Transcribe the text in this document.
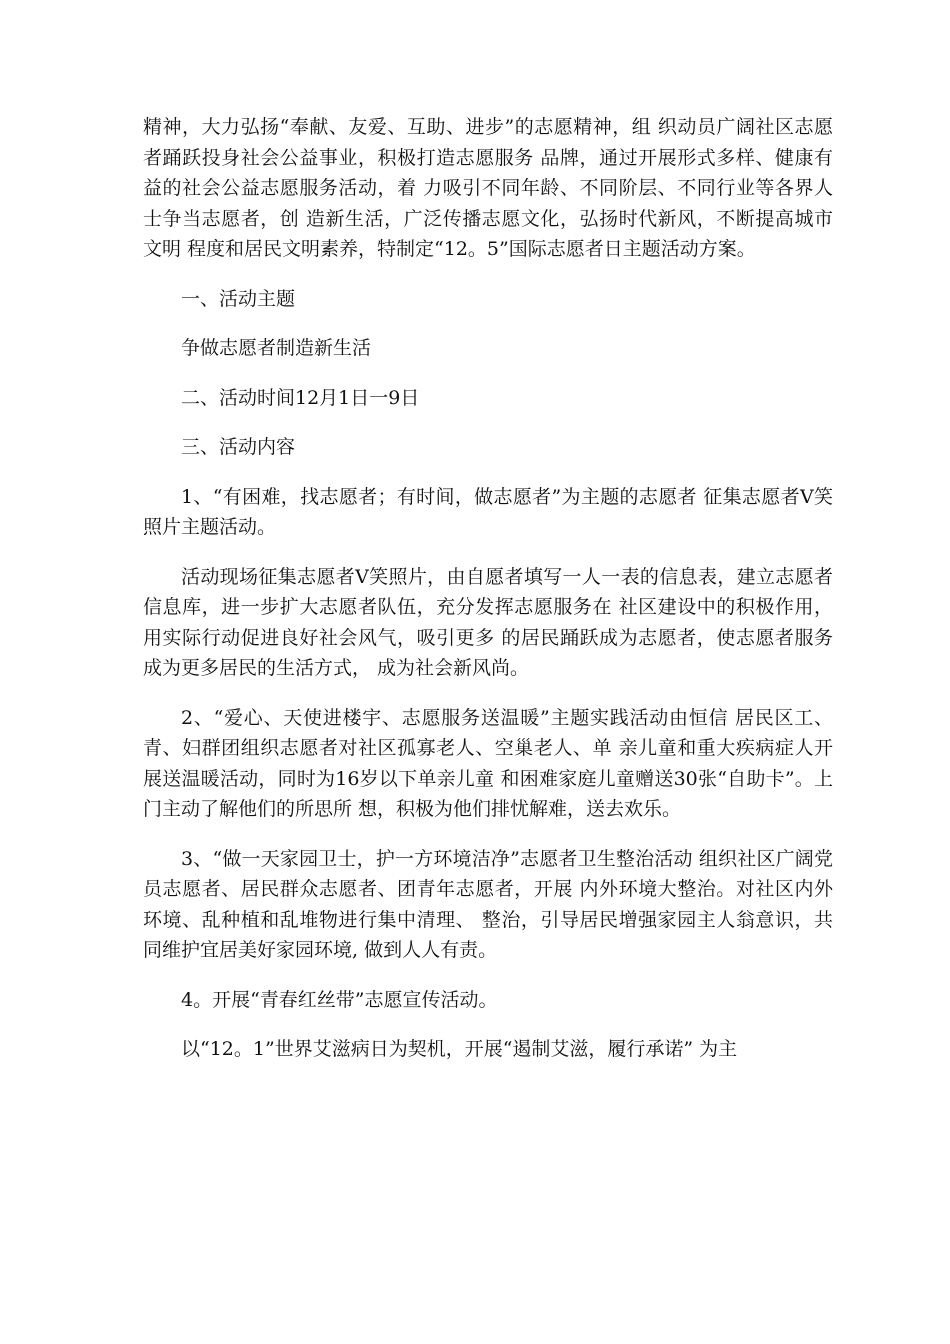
精神，大力弘扬“奉献、友爱、互助、进步”的志愿精神，组 织动员广阔社区志愿者踊跃投身社会公益事业，积极打造志愿服务 品牌，通过开展形式多样、健康有益的社会公益志愿服务活动，着 力吸引不同年龄、不同阶层、不同行业等各界人士争当志愿者，创 造新生活，广泛传播志愿文化，弘扬时代新风，不断提高城市文明 程度和居民文明素养，特制定“12。5”国际志愿者日主题活动方案。

一、活动主题

争做志愿者制造新生活

二、活动时间12月1日一9日

三、活动内容

1、“有困难，找志愿者；有时间，做志愿者”为主题的志愿者 征集志愿者V笑照片主题活动。

活动现场征集志愿者V笑照片，由自愿者填写一人一表的信息表，建立志愿者信息库，进一步扩大志愿者队伍，充分发挥志愿服务在 社区建设中的积极作用，用实际行动促进良好社会风气，吸引更多 的居民踊跃成为志愿者，使志愿者服务成为更多居民的生活方式， 成为社会新风尚。

2、“爱心、天使进楼宇、志愿服务送温暖”主题实践活动由恒信 居民区工、青、妇群团组织志愿者对社区孤寡老人、空巢老人、单 亲儿童和重大疾病症人开展送温暖活动，同时为16岁以下单亲儿童 和困难家庭儿童赠送30张“自助卡”。上门主动了解他们的所思所 想，积极为他们排忧解难，送去欢乐。

3、“做一天家园卫士，护一方环境洁净”志愿者卫生整治活动 组织社区广阔党员志愿者、居民群众志愿者、团青年志愿者，开展 内外环境大整治。对社区内外环境、乱种植和乱堆物进行集中清理、 整治，引导居民增强家园主人翁意识，共同维护宜居美好家园环境, 做到人人有责。

4。开展“青春红丝带”志愿宣传活动。

以“12。1”世界艾滋病日为契机，开展“遏制艾滋，履行承诺” 为主
